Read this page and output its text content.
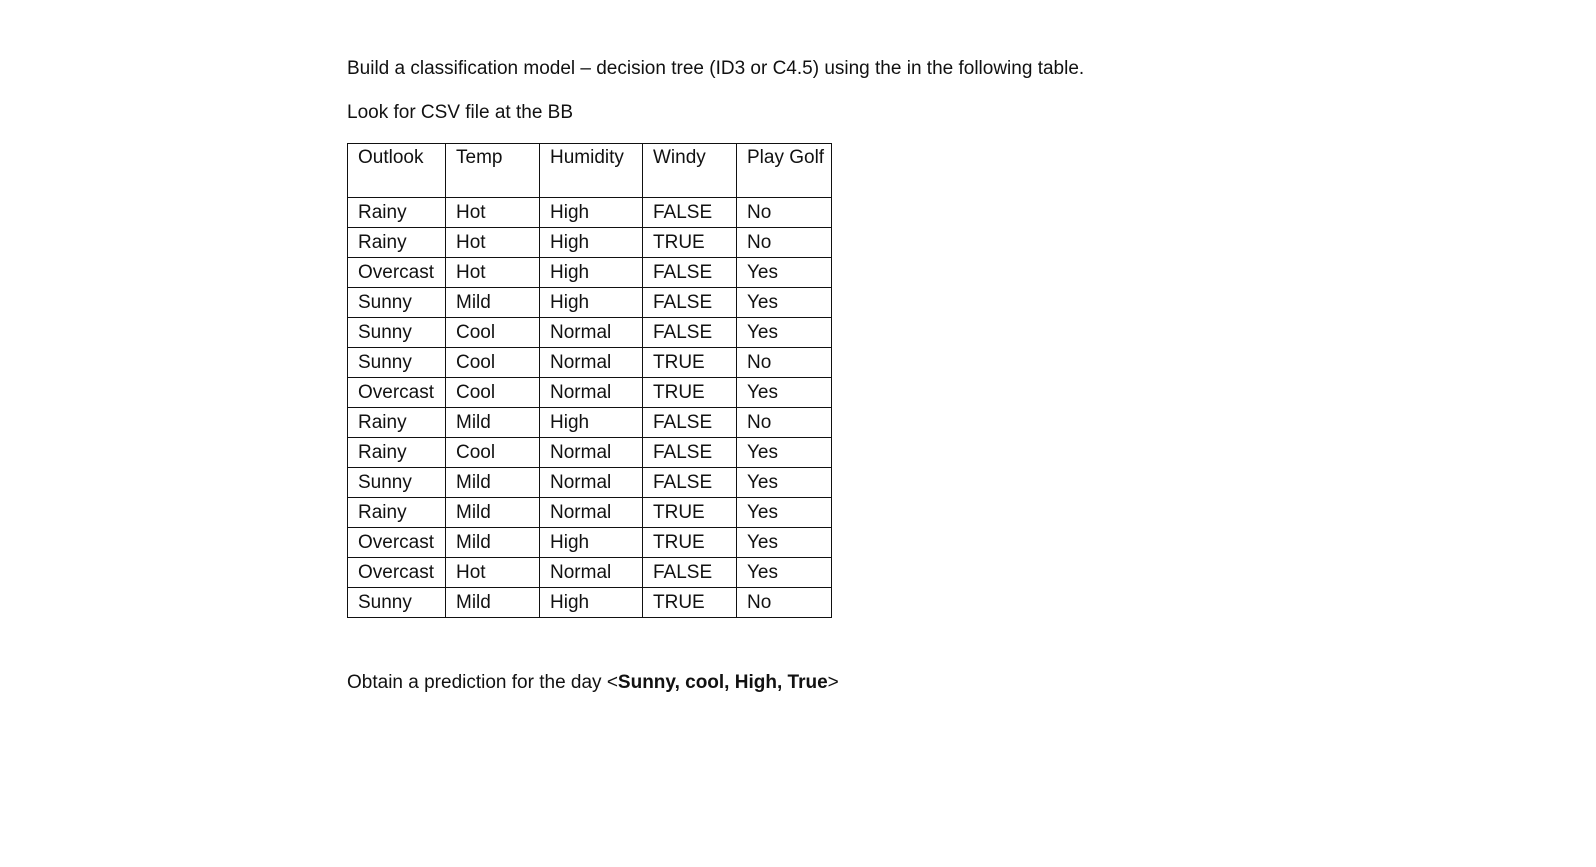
Build a classification model – decision tree (ID3 or C4.5) using the in the following table.

Look for CSV file at the BB

Outlook	Temp	Humidity	Windy	Play Golf
Rainy	Hot	High	FALSE	No
Rainy	Hot	High	TRUE	No
Overcast	Hot	High	FALSE	Yes
Sunny	Mild	High	FALSE	Yes
Sunny	Cool	Normal	FALSE	Yes
Sunny	Cool	Normal	TRUE	No
Overcast	Cool	Normal	TRUE	Yes
Rainy	Mild	High	FALSE	No
Rainy	Cool	Normal	FALSE	Yes
Sunny	Mild	Normal	FALSE	Yes
Rainy	Mild	Normal	TRUE	Yes
Overcast	Mild	High	TRUE	Yes
Overcast	Hot	Normal	FALSE	Yes
Sunny	Mild	High	TRUE	No

Obtain a prediction for the day <Sunny, cool, High, True>
